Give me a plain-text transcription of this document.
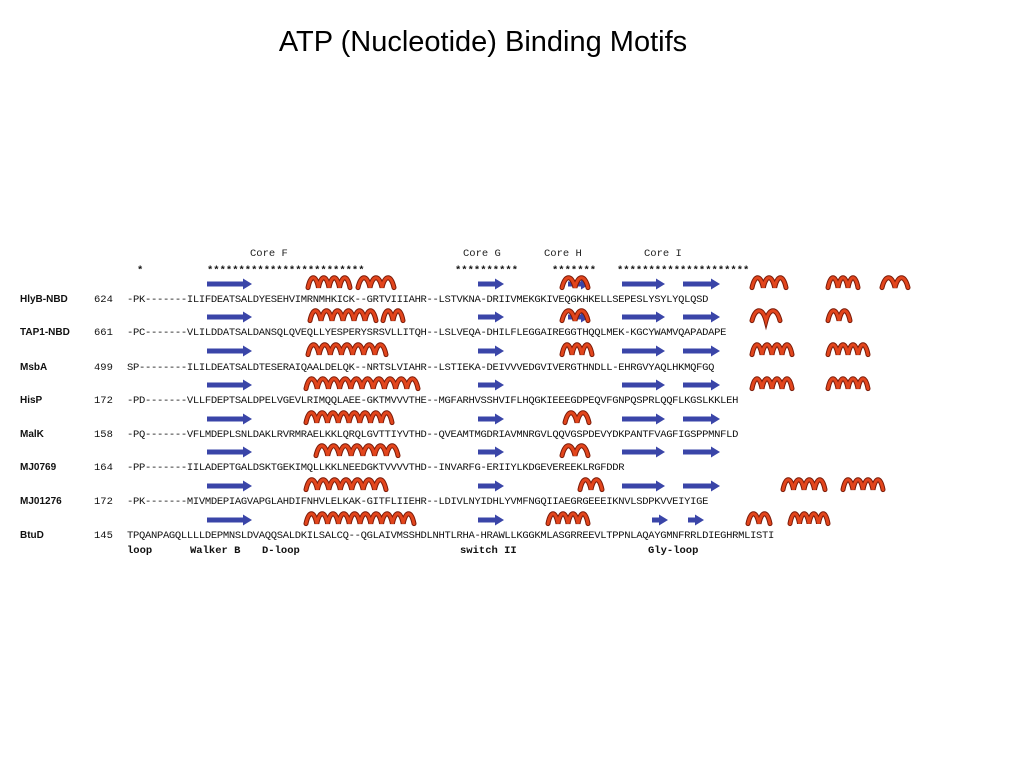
ATP (Nucleotide) Binding Motifs
Core F	Core G	Core H	Core I
*	*************************	**********	******* *********************
HlyB-NBD 624 -PK-------ILIFDEATSALDYESEHVIMRNMHKICK--GRTVIIIAHR--LSTVKNA-DRIIVMEKGKIVEQGKHKELLSEPESLYSYLYQLQSD
TAP1-NBD 661 -PC-------VLILDDATSALDANSQLQVEQLLYESPERYSRSVLLITQH--LSLVEQA-DHILFLEGGAIREGGTHQQLMEK-KGCYWAMVQAPADAPE
MsbA	499 SP--------ILILDEATSALDTESERAIQAALDELQK--NRTSLVIAHR--LSTIEKA-DEIVVVEDGVIVERGTHNDLL-EHRGVYAQLHKMQFGQ
HisP	172 -PD-------VLLFDEPTSALDPELVGEVLRIMQQLAEE-GKTMVVVTHE--MGFARHVSSHVIFLHQGKIEEEGDPEQVFGNPQSPRLQQFLKGSLKKLEH
MalK	158 -PQ-------VFLMDEPLSNLDAKLRVRMRAELKKLQRQLGVTTIYVTHD--QVEAMTMGDRIAVMNRGVLQQVGSPDEVYDKPANTFVAGFIGSPPMNFLD
MJ0769	164 -PP-------IILADEPTGALDSKTGEKIMQLLKKLNEEDGKTVVVVTHD--INVARFG-ERIIYLKDGEVEREEKLRGFDDR
MJ01276	172 -PK-------MIVMDEPIAGVAPGLAHDIFNHVLELKAK-GITFLIIEHR--LDIVLNYIDHLYVMFNGQIIAEGRGEEEIKNVLSDPKVVEIYIGE
BtuD	145 TPQANPAGQLLLLDEPMNSLDVAQQSALDKILSALCQ--QGLAIVMSSHDLNHTLRHA-HRAWLLKGGKMLASGRREEVLTPPNLAQAYGMNFRRLDIEGHRMLISTI
loop	Walker B D-loop	switch II	Gly-loop
